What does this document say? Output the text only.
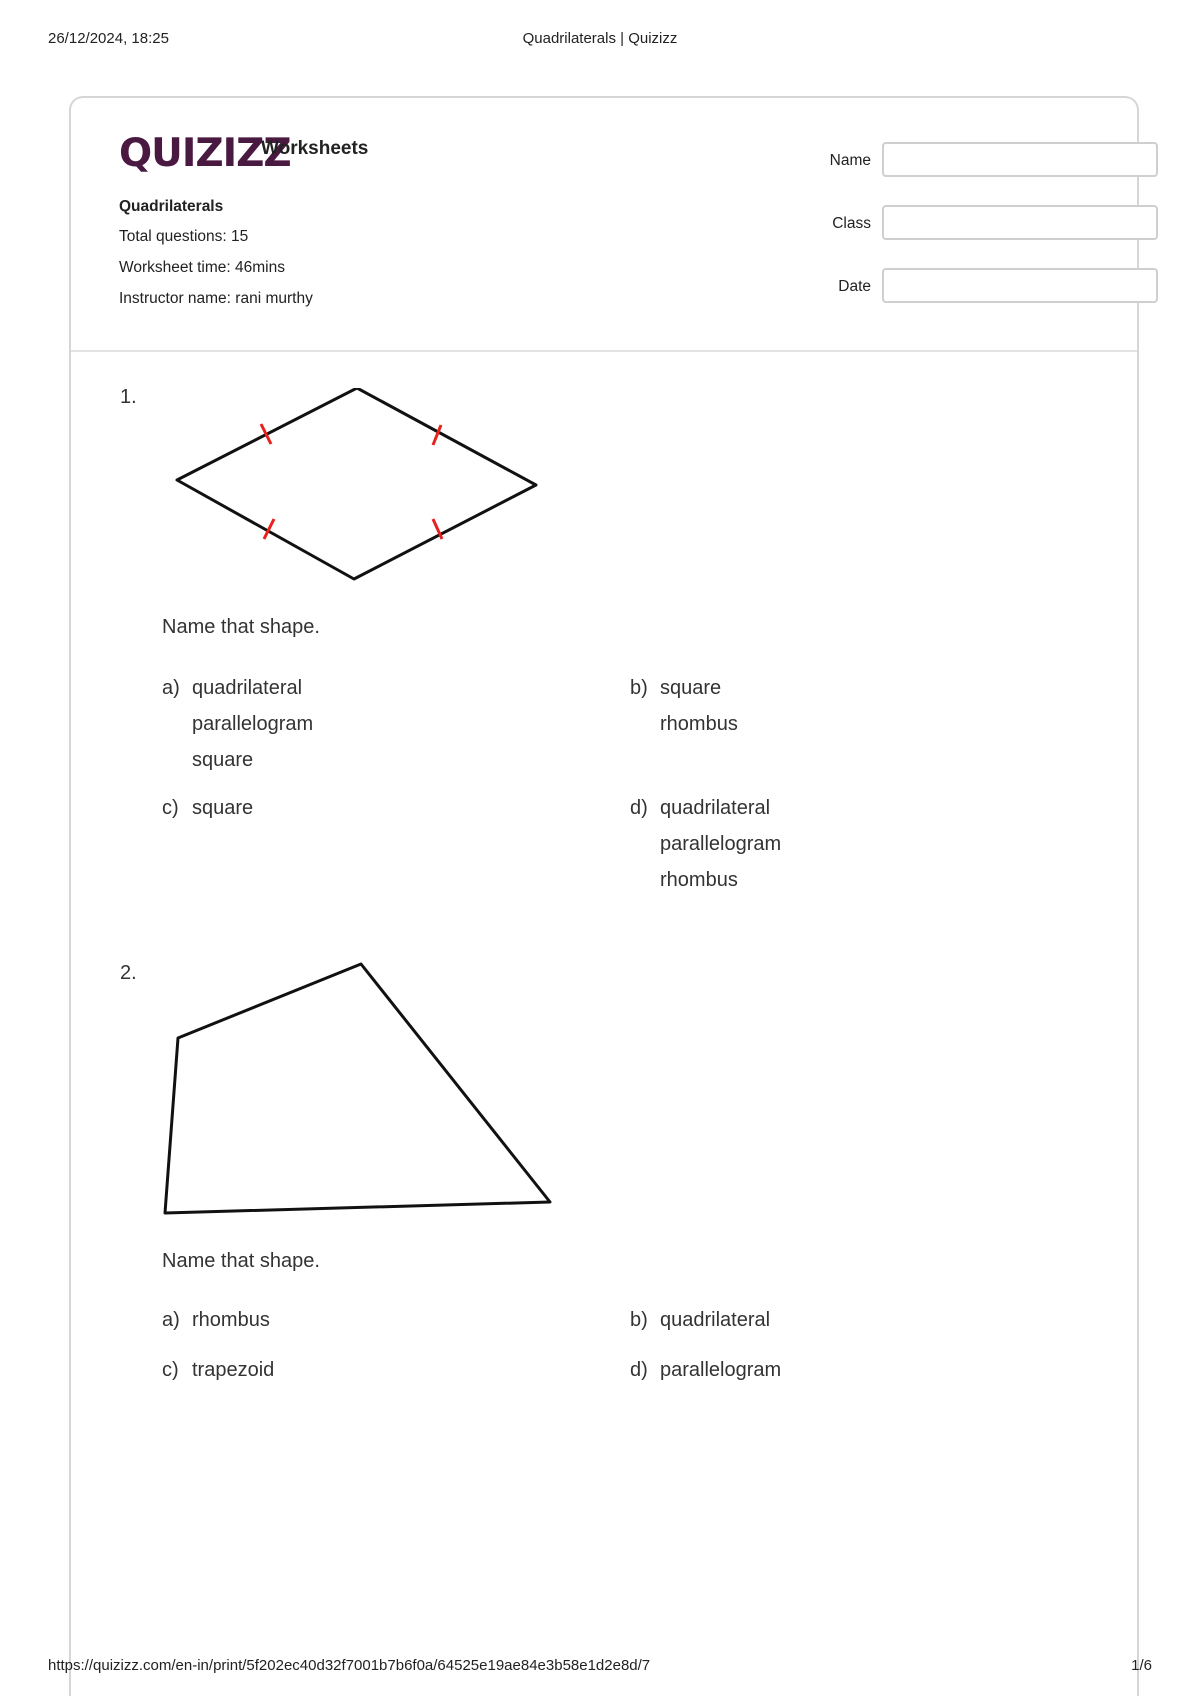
26/12/2024, 18:25	Quadrilaterals | Quizizz
QUIZIZZ
Worksheets
Quadrilaterals
Total questions: 15
Worksheet time: 46mins
Instructor name: rani murthy
Name
Class
Date
1.
Name that shape.
a) quadrilateral
parallelogram
square
b) square
rhombus
c) square	d) quadrilateral
parallelogram
rhombus
2.
Name that shape.
a) rhombus	b) quadrilateral
c) trapezoid	d) parallelogram
https://quizizz.com/en-in/print/5f202ec40d32f7001b7b6f0a/64525e19ae84e3b58e1d2e8d/7	1/6
